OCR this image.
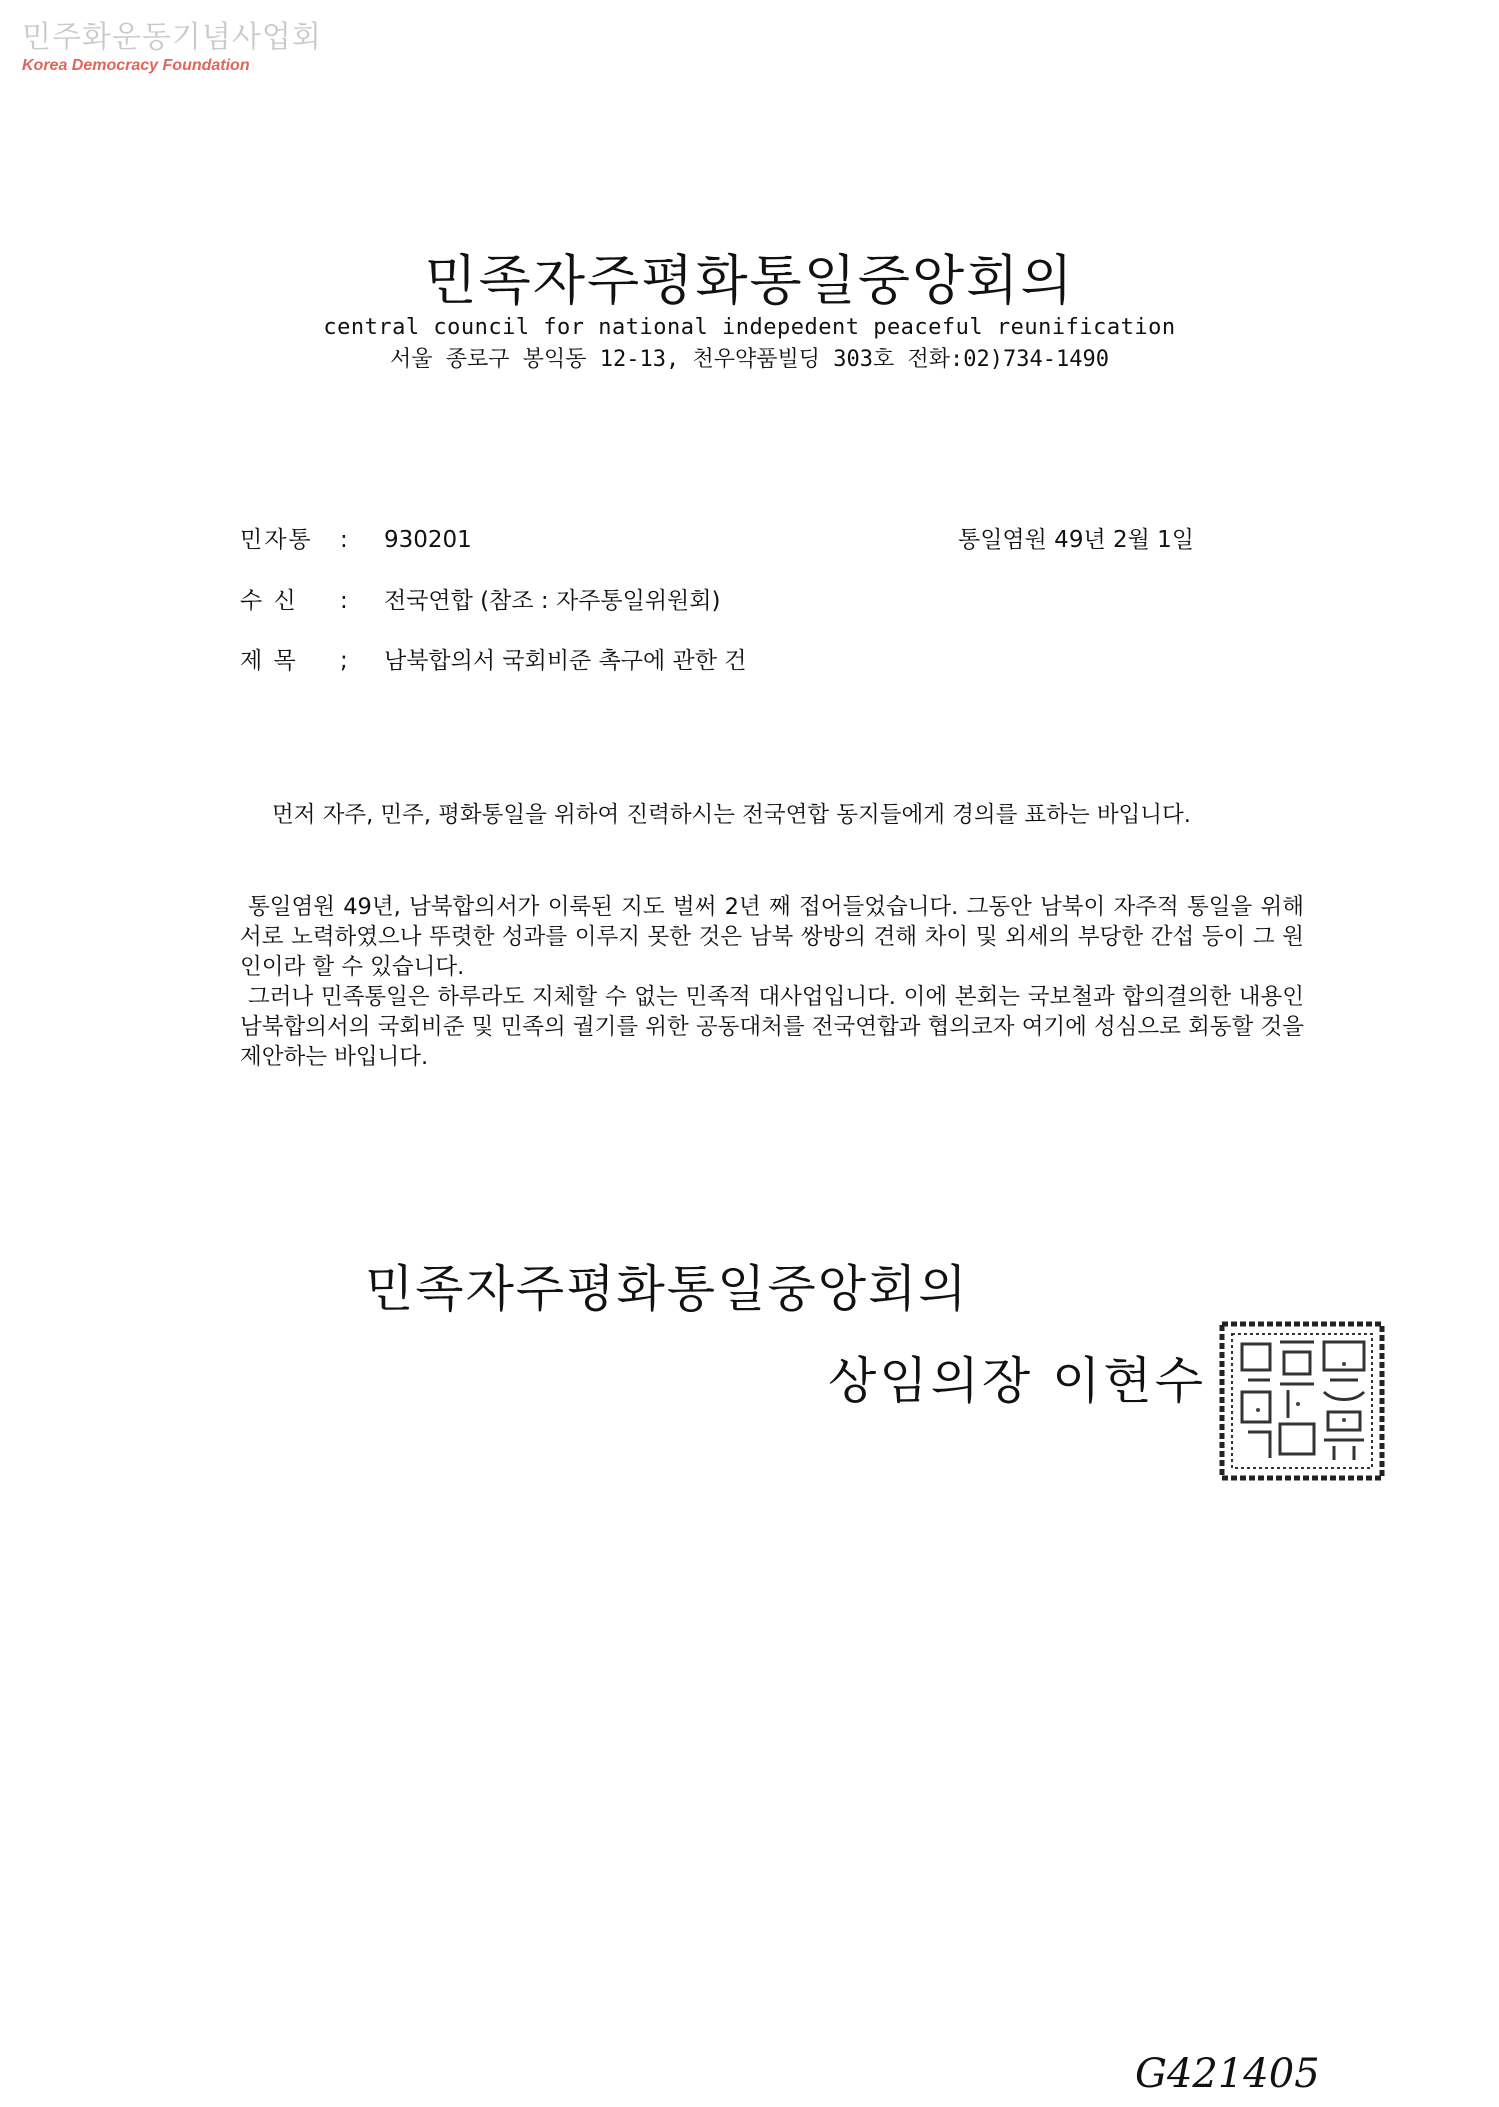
민주화운동기념사업회
Korea Democracy Foundation
민족자주평화통일중앙회의
central council for national indepedent peaceful reunification
서울 종로구 봉익동 12-13, 천우약품빌딩 303호 전화:02)734-1490
민자통 : 930201	통일염원 49년 2월 1일
수 신 : 전국연합 (참조 : 자주통일위원회)
제 목 ; 남북합의서 국회비준 촉구에 관한 건

먼저 자주, 민주, 평화통일을 위하여 진력하시는 전국연합 동지들에게 경의를 표하는 바입니다.

통일염원 49년, 남북합의서가 이룩된 지도 벌써 2년 째 접어들었습니다. 그동안 남북이 자주적 통일을 위해 서로 노력하였으나 뚜렷한 성과를 이루지 못한 것은 남북 쌍방의 견해 차이 및 외세의 부당한 간섭 등이 그 원인이라 할 수 있습니다.

그러나 민족통일은 하루라도 지체할 수 없는 민족적 대사업입니다. 이에 본회는 국보철과 합의결의한 내용인 남북합의서의 국회비준 및 민족의 궐기를 위한 공동대처를 전국연합과 협의코자 여기에 성심으로 회동할 것을 제안하는 바입니다.

민족자주평화통일중앙회의
상임의장 이현수
G421405
